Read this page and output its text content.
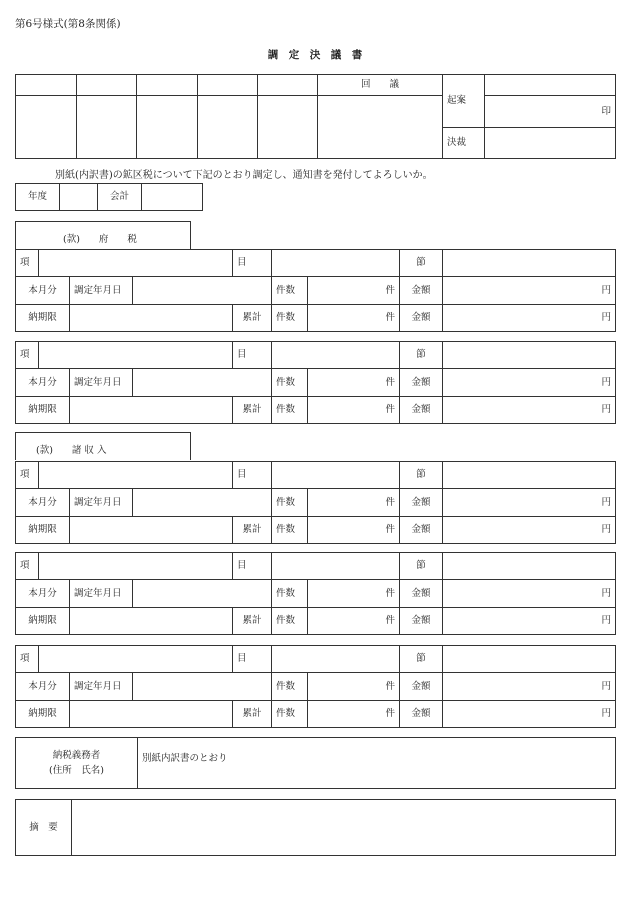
第6号様式(第8条関係)
調　定　決　議　書
					回　　議	起案	
							印
						決裁	
別紙(内訳書)の鉱区税について下記のとおり調定し、通知書を発付してよろしいか。
年度		会計	
(款)　　府　　税
(款)　　諸 収 入
項				目			節	
本月分		調定年月日			件数	件	金額	円
納期限				累計	件数	件	金額	円
項				目			節	
本月分		調定年月日			件数	件	金額	円
納期限				累計	件数	件	金額	円
項				目			節	
本月分		調定年月日			件数	件	金額	円
納期限				累計	件数	件	金額	円
項				目			節	
本月分		調定年月日			件数	件	金額	円
納期限				累計	件数	件	金額	円
項				目			節	
本月分		調定年月日			件数	件	金額	円
納期限				累計	件数	件	金額	円
納税義務者
(住所　氏名)
	別紙内訳書のとおり
摘　要	
